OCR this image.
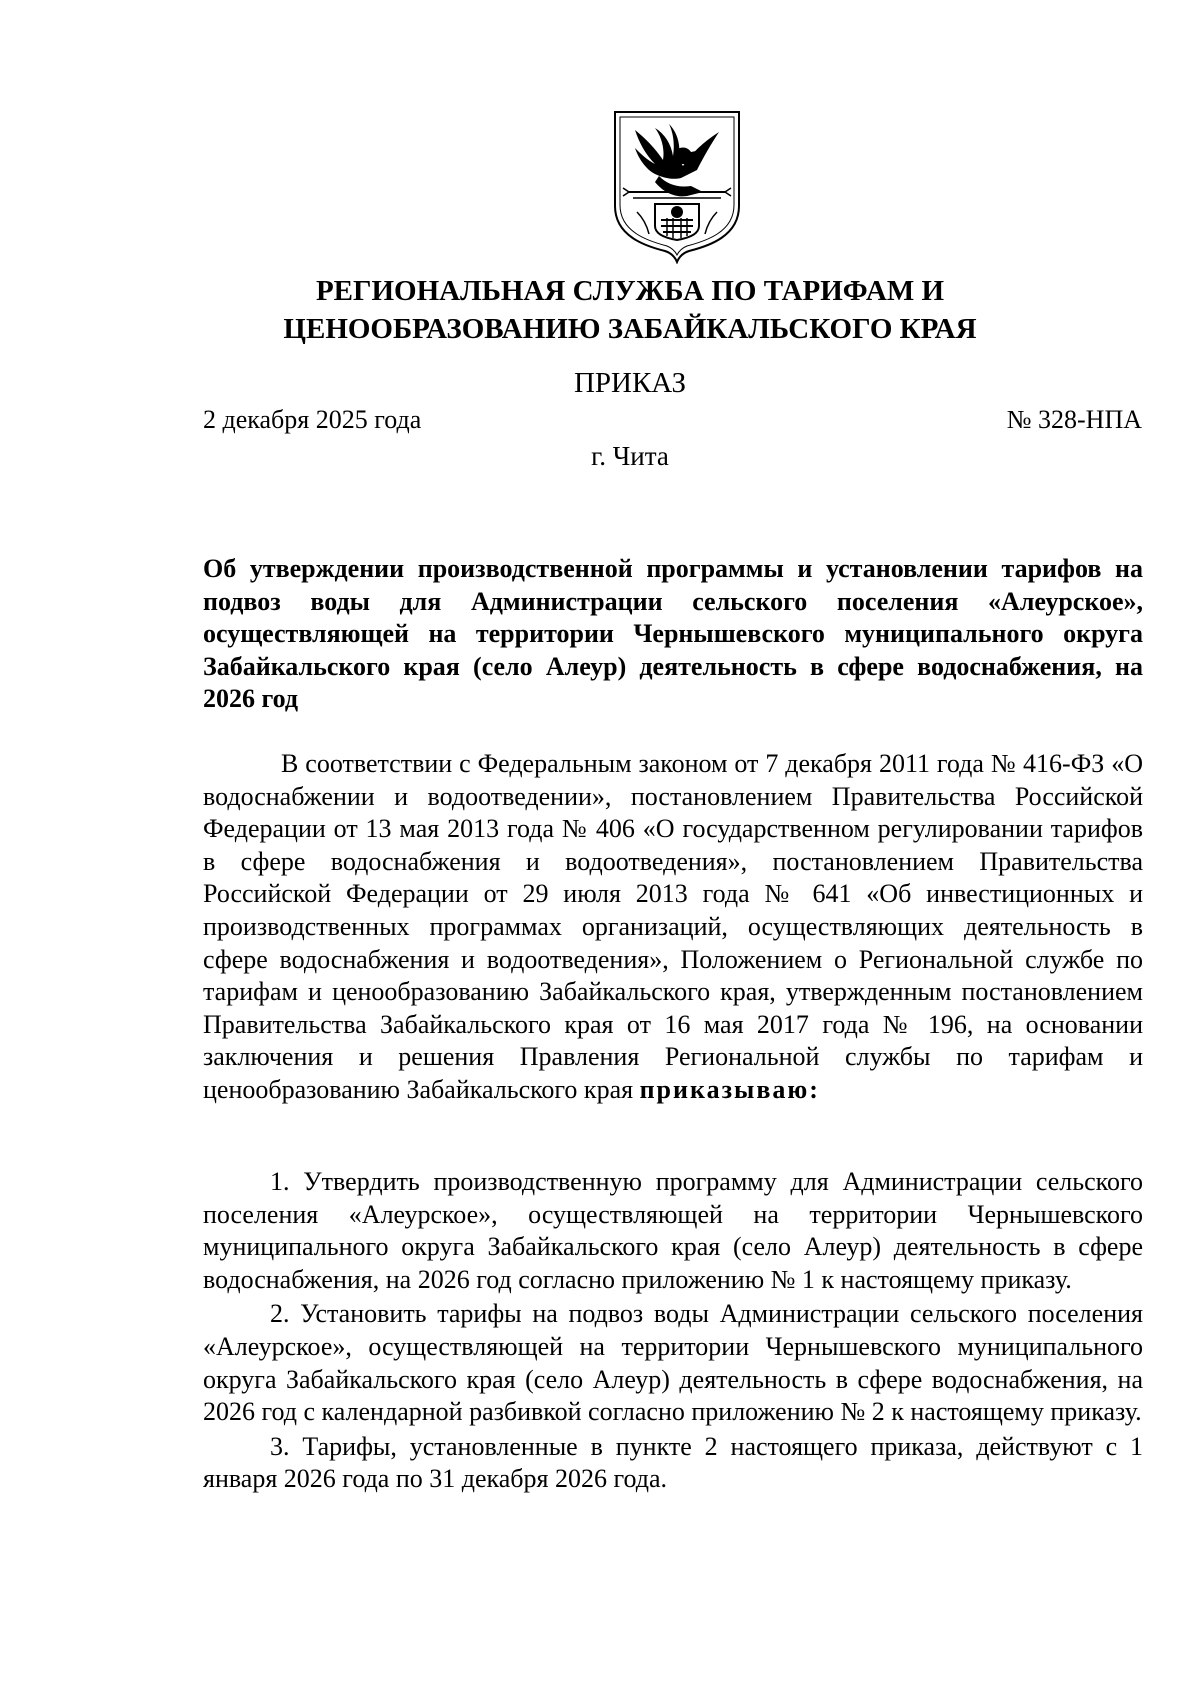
РЕГИОНАЛЬНАЯ СЛУЖБА ПО ТАРИФАМ И
ЦЕНООБРАЗОВАНИЮ ЗАБАЙКАЛЬСКОГО КРАЯ
ПРИКАЗ
2 декабря 2025 года	№ 328-НПА
г. Чита
Об утверждении производственной программы и установлении тарифов на подвоз воды для Администрации сельского поселения «Алеурское», осуществляющей на территории Чернышевского муниципального округа Забайкальского края (село Алеур) деятельность в сфере водоснабжения, на 2026 год
В соответствии с Федеральным законом от 7 декабря 2011 года № 416-ФЗ «О водоснабжении и водоотведении», постановлением Правительства Российской Федерации от 13 мая 2013 года № 406 «О государственном регулировании тарифов в сфере водоснабжения и водоотведения», постановлением Правительства Российской Федерации от 29 июля 2013 года № 641 «Об инвестиционных и производственных программах организаций, осуществляющих деятельность в сфере водоснабжения и водоотведения», Положением о Региональной службе по тарифам и ценообразованию Забайкальского края, утвержденным постановлением Правительства Забайкальского края от 16 мая 2017 года № 196, на основании заключения и решения Правления Региональной службы по тарифам и ценообразованию Забайкальского края приказываю:
1. Утвердить производственную программу для Администрации сельского поселения «Алеурское», осуществляющей на территории Чернышевского муниципального округа Забайкальского края (село Алеур) деятельность в сфере водоснабжения, на 2026 год согласно приложению № 1 к настоящему приказу.
2. Установить тарифы на подвоз воды Администрации сельского поселения «Алеурское», осуществляющей на территории Чернышевского муниципального округа Забайкальского края (село Алеур) деятельность в сфере водоснабжения, на 2026 год с календарной разбивкой согласно приложению № 2 к настоящему приказу.
3. Тарифы, установленные в пункте 2 настоящего приказа, действуют с 1 января 2026 года по 31 декабря 2026 года.
